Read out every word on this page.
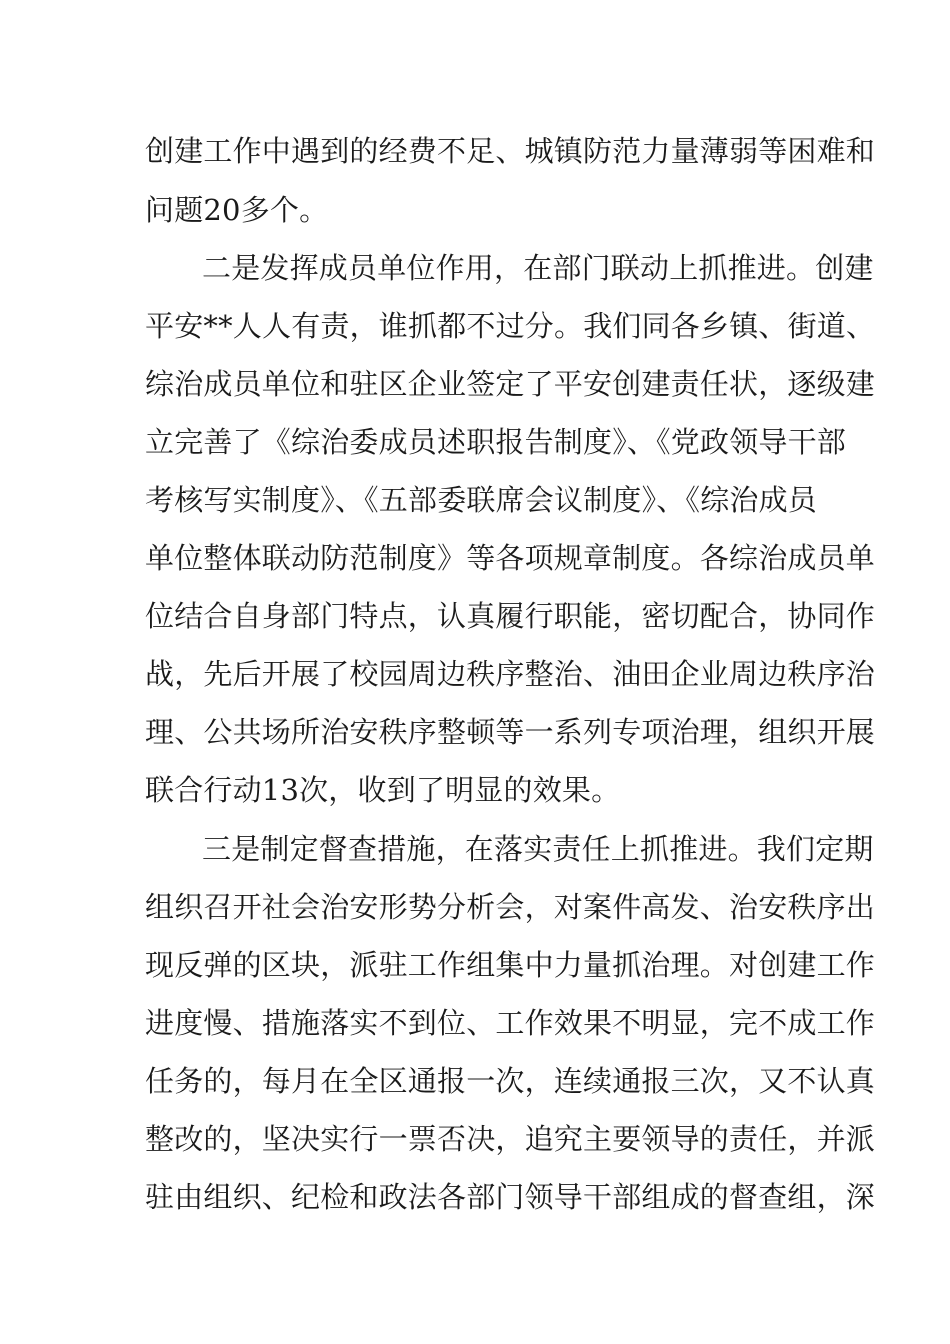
创建工作中遇到的经费不足、城镇防范力量薄弱等困难和
问题20多个。
二是发挥成员单位作用，在部门联动上抓推进。创建
平安**人人有责，谁抓都不过分。我们同各乡镇、街道、
综治成员单位和驻区企业签定了平安创建责任状，逐级建
立完善了《综治委成员述职报告制度》、《党政领导干部
考核写实制度》、《五部委联席会议制度》、《综治成员
单位整体联动防范制度》等各项规章制度。各综治成员单
位结合自身部门特点，认真履行职能，密切配合，协同作
战，先后开展了校园周边秩序整治、油田企业周边秩序治
理、公共场所治安秩序整顿等一系列专项治理，组织开展
联合行动13次，收到了明显的效果。
三是制定督查措施，在落实责任上抓推进。我们定期
组织召开社会治安形势分析会，对案件高发、治安秩序出
现反弹的区块，派驻工作组集中力量抓治理。对创建工作
进度慢、措施落实不到位、工作效果不明显，完不成工作
任务的，每月在全区通报一次，连续通报三次，又不认真
整改的，坚决实行一票否决，追究主要领导的责任，并派
驻由组织、纪检和政法各部门领导干部组成的督查组，深
